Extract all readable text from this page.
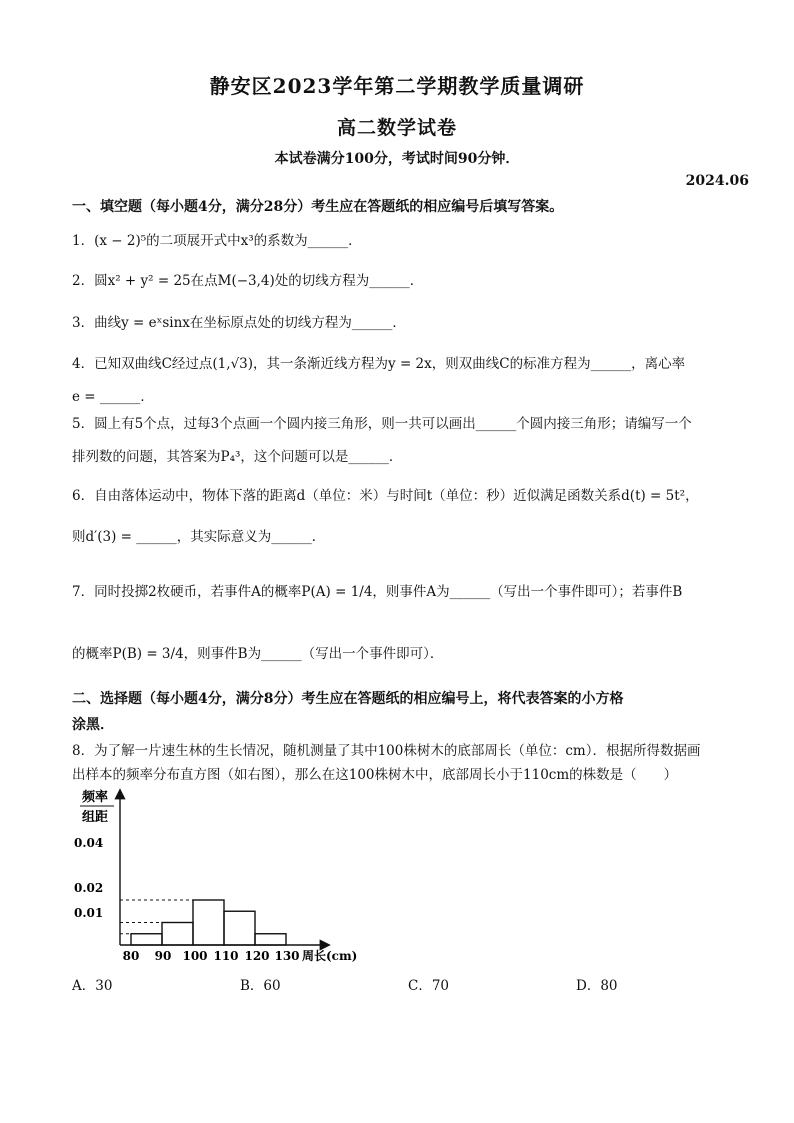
静安区2023学年第二学期教学质量调研
高二数学试卷
本试卷满分100分，考试时间90分钟．
2024.06
一、填空题（每小题4分，满分28分）考生应在答题纸的相应编号后填写答案。
1．(x − 2)⁵的二项展开式中x³的系数为______．
2．圆x² + y² = 25在点M(−3,4)处的切线方程为______．
3．曲线y = eˣsinx在坐标原点处的切线方程为______．
4．已知双曲线C经过点(1,√3)，其一条渐近线方程为y = 2x，则双曲线C的标准方程为______，离心率
e = ______．
5．圆上有5个点，过每3个点画一个圆内接三角形，则一共可以画出______个圆内接三角形；请编写一个
排列数的问题，其答案为P₄³，这个问题可以是______．
6．自由落体运动中，物体下落的距离d（单位：米）与时间t（单位：秒）近似满足函数关系d(t) = 5t²，
则d′(3) = ______，其实际意义为______．
7．同时投掷2枚硬币，若事件A的概率P(A) = 1/4，则事件A为______（写出一个事件即可）；若事件B
的概率P(B) = 3/4，则事件B为______（写出一个事件即可）．
二、选择题（每小题4分，满分8分）考生应在答题纸的相应编号上，将代表答案的小方格
涂黑．
8．为了解一片速生林的生长情况，随机测量了其中100株树木的底部周长（单位：cm）．根据所得数据画
出样本的频率分布直方图（如右图），那么在这100株树木中，底部周长小于110cm的株数是（　　）
频率
组距
0.04
0.02
0.01
80 90 100 110 120 130 周长(cm)
A．30	B．60	C．70	D．80
